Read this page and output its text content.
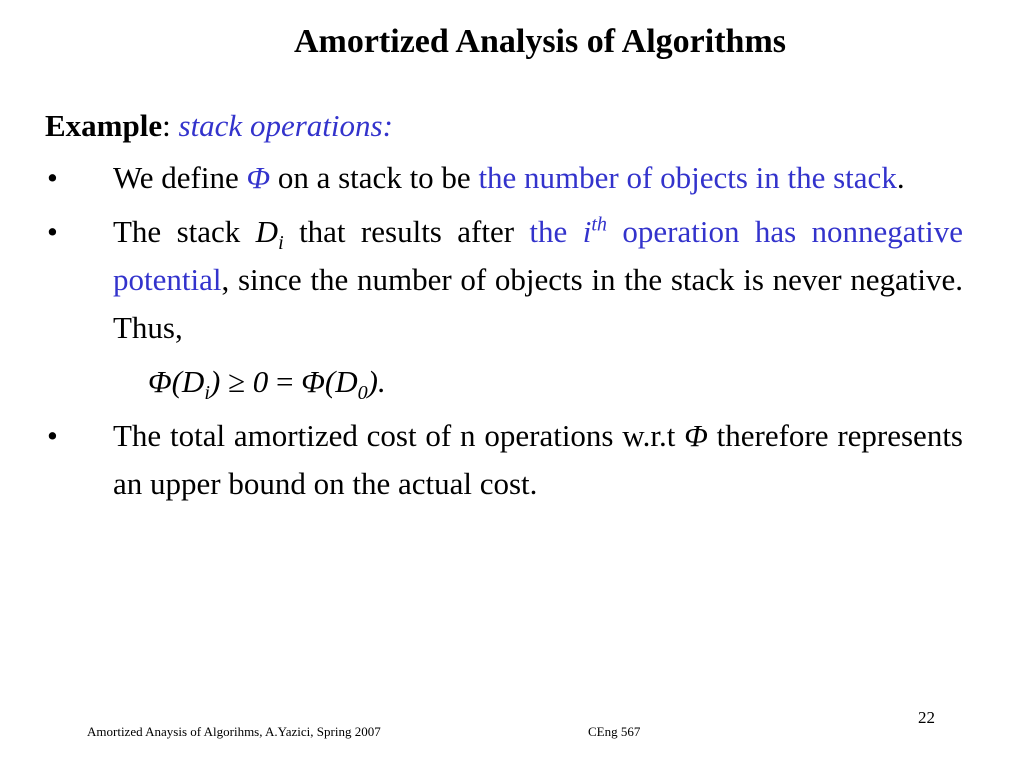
Amortized Analysis of Algorithms
Example: stack operations:
• We define Φ on a stack to be the number of objects in the stack.
• The stack $D_i$ that results after the $i^{th}$ operation has nonnegative potential, since the number of objects in the stack is never negative. Thus,
$\Phi(D_i) \ge 0 = \Phi(D_0)$.
• The total amortized cost of n operations w.r.t Φ therefore represents an upper bound on the actual cost.
22
Amortized Anaysis of Algorihms, A.Yazici, Spring 2007	CEng 567
